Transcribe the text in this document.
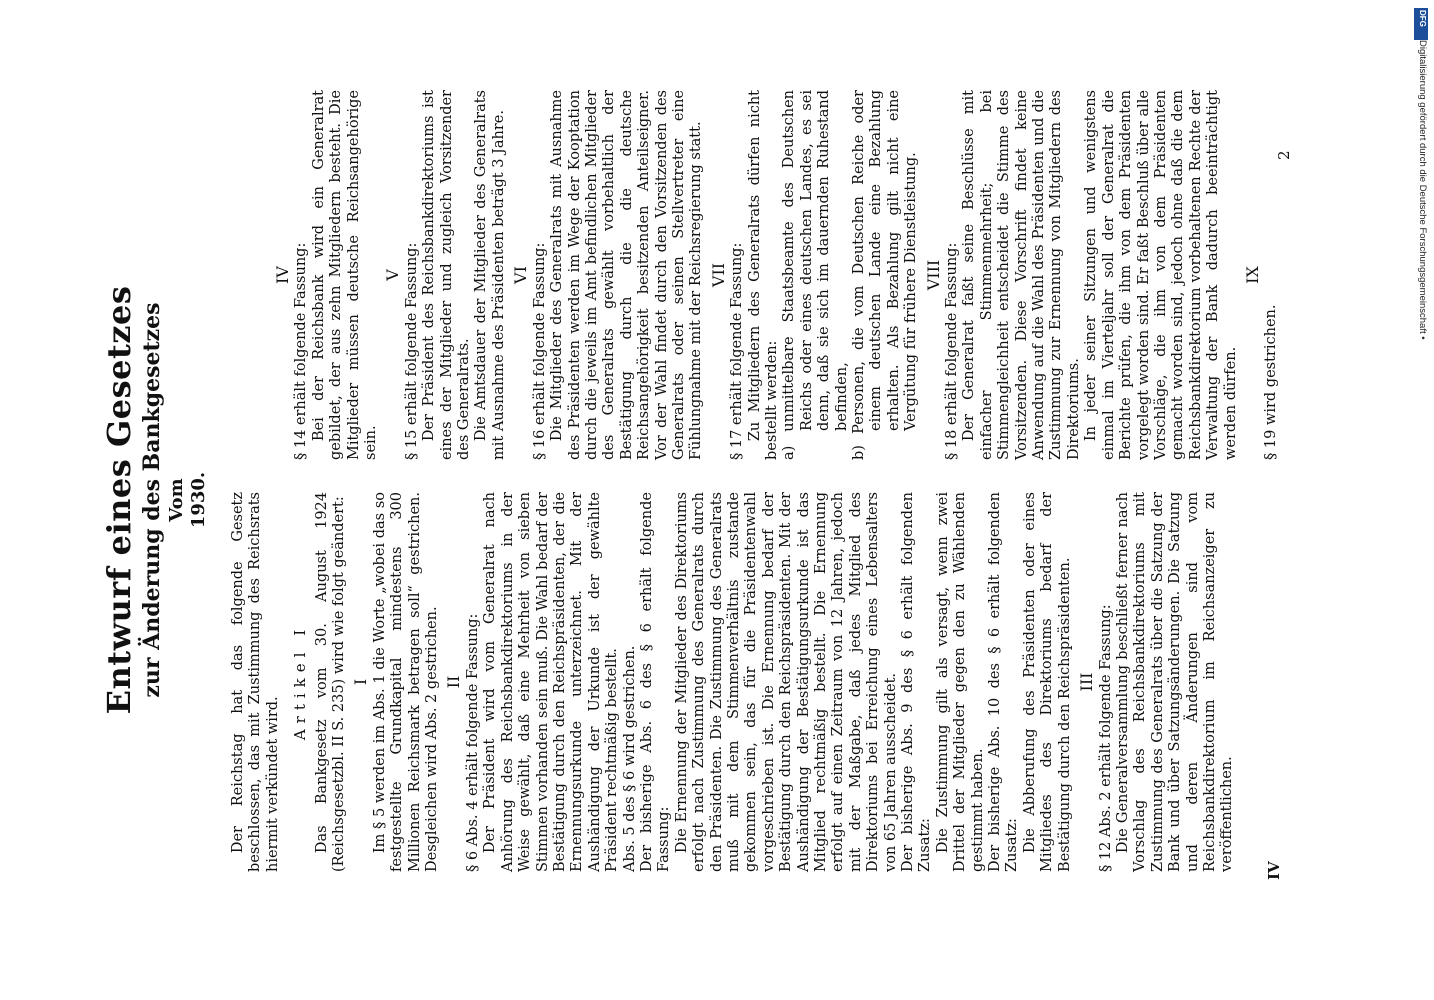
Entwurf eines Gesetzes zur Änderung des Bankgesetzes Vom 1930. Der Reichstag hat das folgende Gesetz beschlossen, das mit Zustimmung des Reichsrats hiermit verkündet wird.

Artikel I Das Bankgesetz vom 30. August 1924 (Reichsgesetzbl. II S. 235) wird wie folgt geändert: I Im § 5 werden im Abs. 1 die Worte „wobei das so festgestellte Grundkapital mindestens 300 Millionen Reichsmark betragen soll“ gestrichen. Desgleichen wird Abs. 2 gestrichen. II § 6 Abs. 4 erhält folgende Fassung: Der Präsident wird vom Generalrat nach Anhörung des Reichsbankdirektoriums in der Weise gewählt, daß eine Mehrheit von sieben Stimmen vorhanden sein muß. Die Wahl bedarf der Bestätigung durch den Reichspräsidenten, der die Ernennungsurkunde unterzeichnet. Mit der Aushändigung der Urkunde ist der gewählte Präsident rechtmäßig bestellt. Abs. 5 des § 6 wird gestrichen. Der bisherige Abs. 6 des § 6 erhält folgende Fassung: Die Ernennung der Mitglieder des Direktoriums erfolgt nach Zustimmung des Generalrats durch den Präsidenten. Die Zustimmung des Generalrats muß mit dem Stimmenverhältnis zustande gekommen sein, das für die Präsidentenwahl vorgeschrieben ist. Die Ernennung bedarf der Bestätigung durch den Reichspräsidenten. Mit der Aushändigung der Bestätigungsurkunde ist das Mitglied rechtmäßig bestellt. Die Ernennung erfolgt auf einen Zeitraum von 12 Jahren, jedoch mit der Maßgabe, daß jedes Mitglied des Direktoriums bei Erreichung eines Lebensalters von 65 Jahren ausscheidet. Der bisherige Abs. 9 des § 6 erhält folgenden Zusatz: Die Zustimmung gilt als versagt, wenn zwei Drittel der Mitglieder gegen den zu Wählenden gestimmt haben. Der bisherige Abs. 10 des § 6 erhält folgenden Zusatz: Die Abberufung des Präsidenten oder eines Mitgliedes des Direktoriums bedarf der Bestätigung durch den Reichspräsidenten. III § 12 Abs. 2 erhält folgende Fassung: Die Generalversammlung beschließt ferner nach Vorschlag des Reichsbankdirektoriums mit Zustimmung des Generalrats über die Satzung der Bank und über Satzungsänderungen. Die Satzung und deren Änderungen sind vom Reichsbankdirektorium im Reichsanzeiger zu veröffentlichen.

IV § 14 erhält folgende Fassung: Bei der Reichsbank wird ein Generalrat gebildet, der aus zehn Mitgliedern besteht. Die Mitglieder müssen deutsche Reichsangehörige sein.

V § 15 erhält folgende Fassung: Der Präsident des Reichsbankdirektoriums ist eines der Mitglieder und zugleich Vorsitzender des Generalrats. Die Amtsdauer der Mitglieder des Generalrats mit Ausnahme des Präsidenten beträgt 3 Jahre. VI § 16 erhält folgende Fassung: Die Mitglieder des Generalrats mit Ausnahme des Präsidenten werden im Wege der Kooptation durch die jeweils im Amt befindlichen Mitglieder des Generalrats gewählt vorbehaltlich der Bestätigung durch die die deutsche Reichsangehörigkeit besitzenden Anteilseigner. Vor der Wahl findet durch den Vorsitzenden des Generalrats oder seinen Stellvertreter eine Fühlungnahme mit der Reichsregierung statt. VII § 17 erhält folgende Fassung: Zu Mitgliedern des Generalrats dürfen nicht bestellt werden: a) unmittelbare Staatsbeamte des Deutschen Reichs oder eines deutschen Landes, es sei denn, daß sie sich im dauernden Ruhestand befinden, b) Personen, die vom Deutschen Reiche oder einem deutschen Lande eine Bezahlung erhalten. Als Bezahlung gilt nicht eine Vergütung für frühere Dienstleistung. VIII § 18 erhält folgende Fassung: Der Generalrat faßt seine Beschlüsse mit einfacher Stimmenmehrheit; bei Stimmengleichheit entscheidet die Stimme des Vorsitzenden. Diese Vorschrift findet keine Anwendung auf die Wahl des Präsidenten und die Zustimmung zur Ernennung von Mitgliedern des Direktoriums. In jeder seiner Sitzungen und wenigstens einmal im Vierteljahr soll der Generalrat die Berichte prüfen, die ihm von dem Präsidenten vorgelegt worden sind. Er faßt Beschluß über alle Vorschläge, die ihm von dem Präsidenten gemacht worden sind, jedoch ohne daß die dem Reichsbankdirektorium vorbehaltenen Rechte der Verwaltung der Bank dadurch beeinträchtigt werden dürfen.

IX

§ 19 wird gestrichen.

IV
2
DFG
Digitalisierung gefördert durch die Deutsche Forschungsgemeinschaft •
